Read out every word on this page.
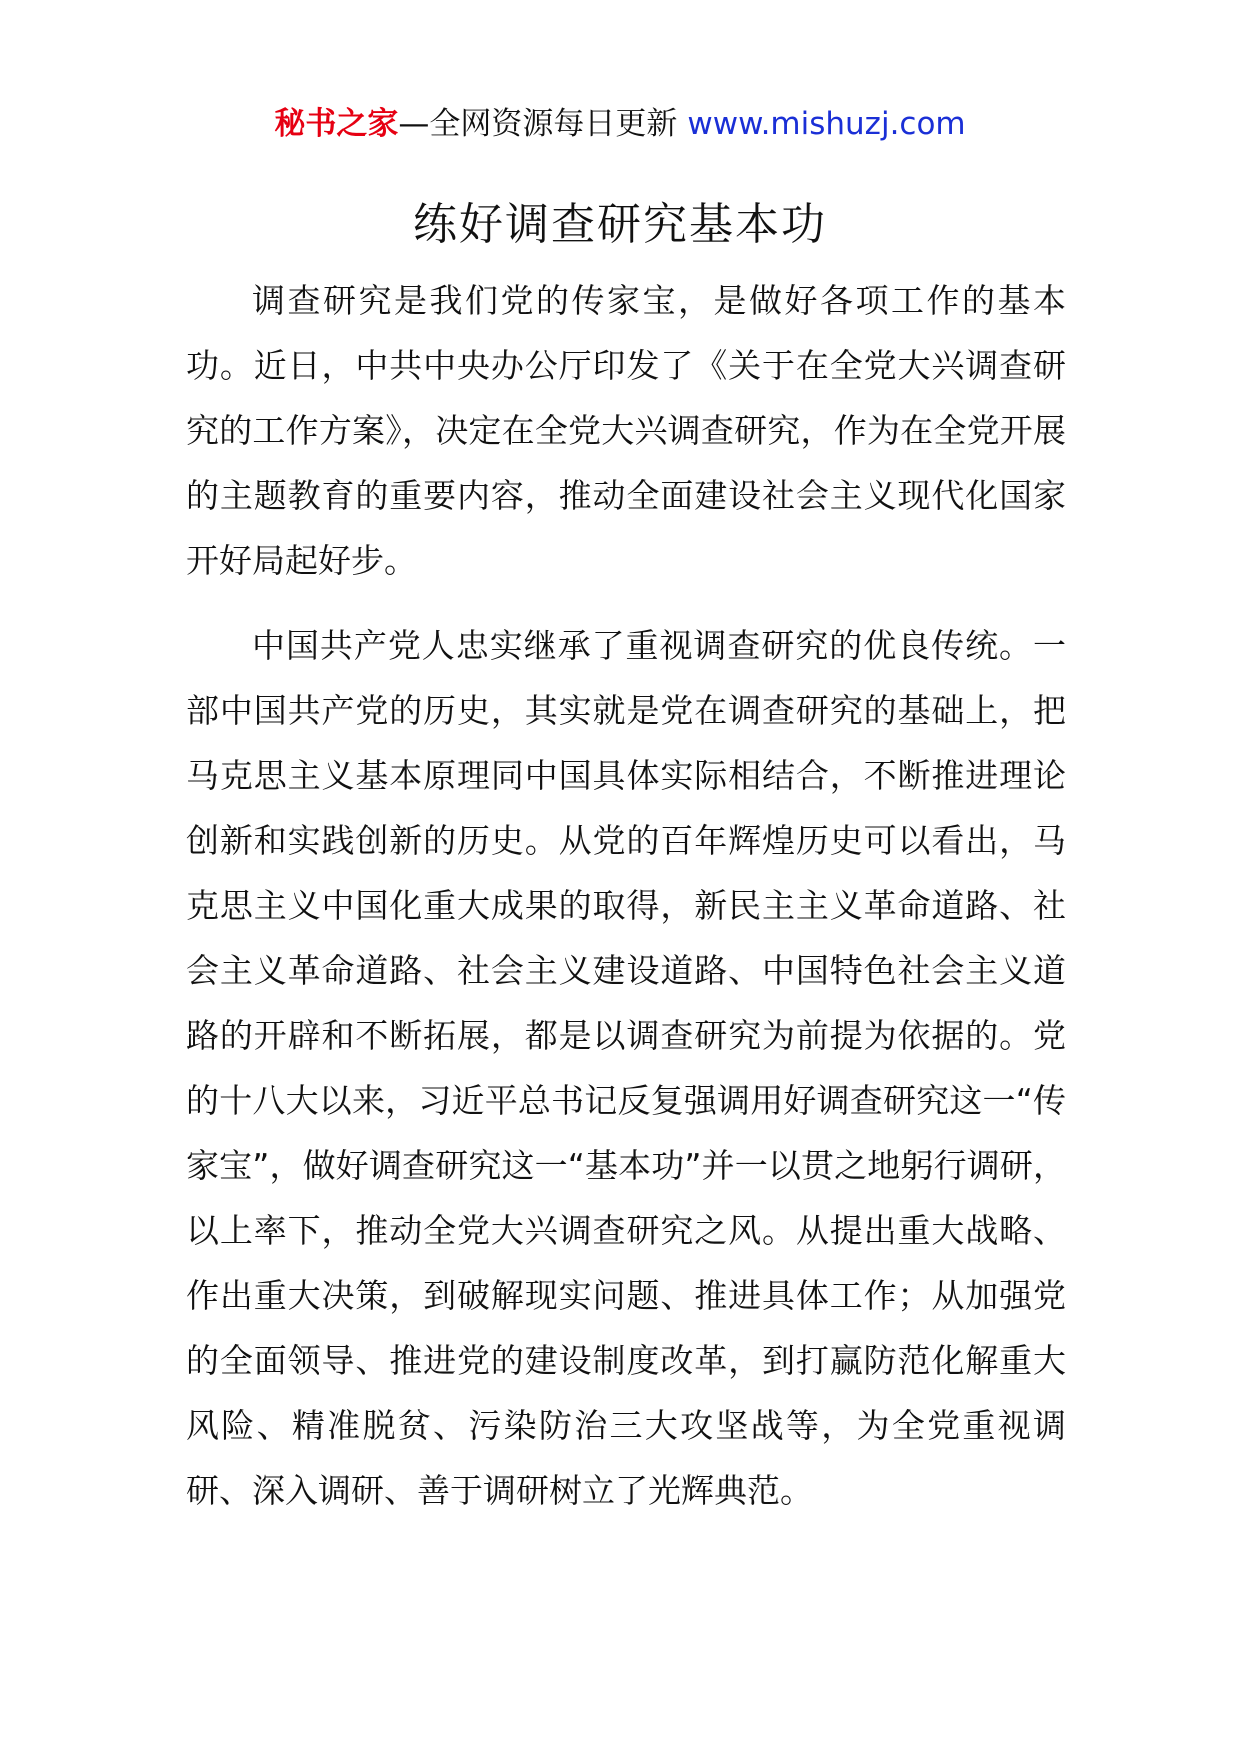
秘书之家—全网资源每日更新 www.mishuzj.com
练好调查研究基本功

调查研究是我们党的传家宝，是做好各项工作的基本功。近日，中共中央办公厅印发了《关于在全党大兴调查研究的工作方案》，决定在全党大兴调查研究，作为在全党开展的主题教育的重要内容，推动全面建设社会主义现代化国家开好局起好步。

中国共产党人忠实继承了重视调查研究的优良传统。一部中国共产党的历史，其实就是党在调查研究的基础上，把马克思主义基本原理同中国具体实际相结合，不断推进理论创新和实践创新的历史。从党的百年辉煌历史可以看出，马克思主义中国化重大成果的取得，新民主主义革命道路、社会主义革命道路、社会主义建设道路、中国特色社会主义道路的开辟和不断拓展，都是以调查研究为前提为依据的。党的十八大以来，习近平总书记反复强调用好调查研究这一“传家宝”，做好调查研究这一“基本功”并一以贯之地躬行调研，以上率下，推动全党大兴调查研究之风。从提出重大战略、作出重大决策，到破解现实问题、推进具体工作；从加强党的全面领导、推进党的建设制度改革，到打赢防范化解重大风险、精准脱贫、污染防治三大攻坚战等，为全党重视调研、深入调研、善于调研树立了光辉典范。
